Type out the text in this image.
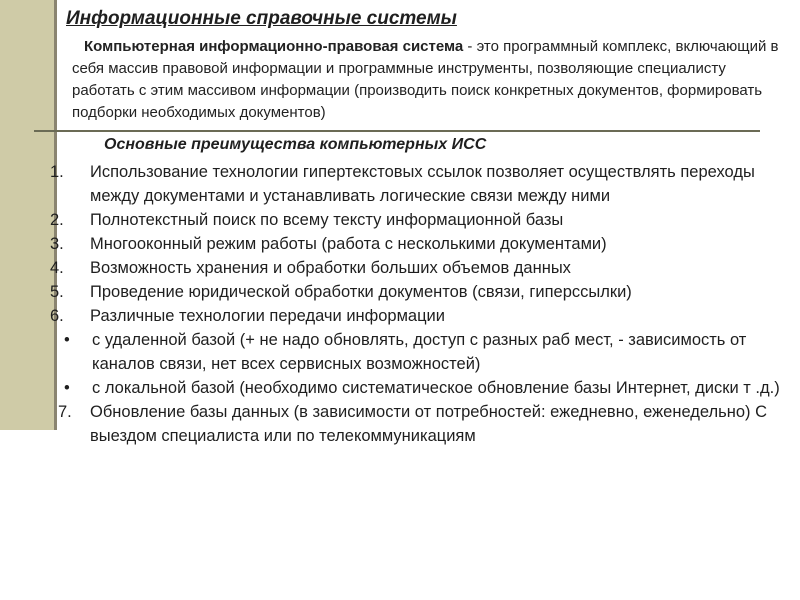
Информационные справочные системы
Компьютерная информационно-правовая система - это программный комплекс, включающий в себя массив правовой информации и программные инструменты, позволяющие специалисту работать с этим массивом информации (производить поиск конкретных документов, формировать подборки необходимых документов)
Основные преимущества компьютерных ИСС
1. Использование технологии гипертекстовых ссылок позволяет осуществлять переходы между документами и устанавливать логические связи между ними
2. Полнотекстный поиск по всему тексту информационной базы
3. Многооконный режим работы (работа с несколькими документами)
4. Возможность хранения и обработки больших объемов данных
5. Проведение юридической обработки документов (связи, гиперссылки)
6. Различные технологии передачи информации
• с удаленной базой (+ не надо обновлять, доступ с разных раб мест, - зависимость от каналов связи, нет всех сервисных возможностей)
• с локальной базой (необходимо систематическое обновление базы Интернет, диски т .д.)
7. Обновление базы данных (в зависимости от потребностей: ежедневно, еженедельно) С выездом специалиста или по телекоммуникациям
